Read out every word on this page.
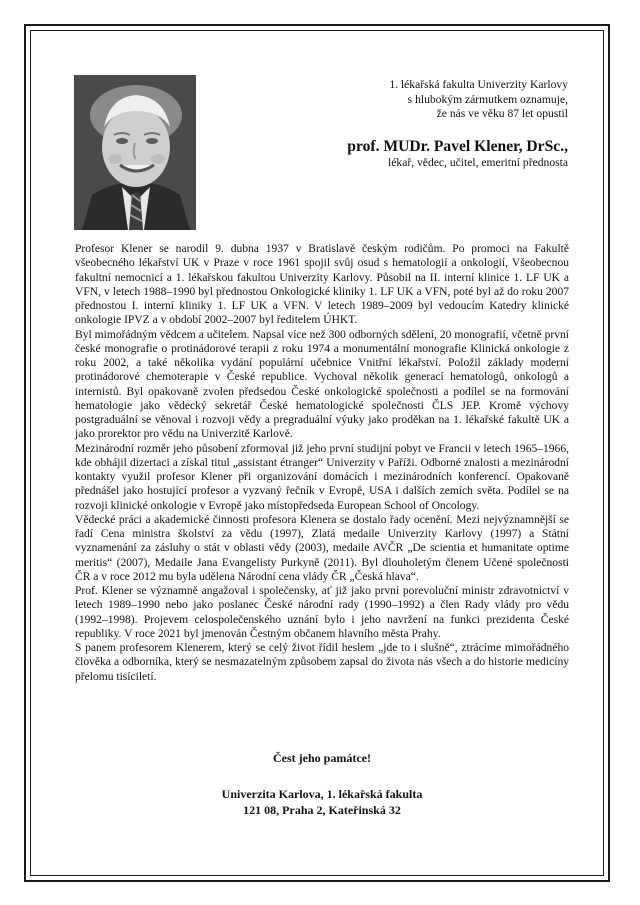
1. lékařská fakulta Univerzity Karlovy
s hlubokým zármutkem oznamuje,
že nás ve věku 87 let opustil
prof. MUDr. Pavel Klener, DrSc.,
lékař, vědec, učitel, emeritní přednosta

Profesor Klener se narodil 9. dubna 1937 v Bratislavě českým rodičům. Po promoci na Fakultě všeobecného lékařství UK v Praze v roce 1961 spojil svůj osud s hematologií a onkologií, Všeobecnou fakultní nemocnicí a 1. lékařskou fakultou Univerzity Karlovy. Působil na II. interní klinice 1. LF UK a VFN, v letech 1988–1990 byl přednostou Onkologické kliniky 1. LF UK a VFN, poté byl až do roku 2007 přednostou I. interní kliniky 1. LF UK a VFN. V letech 1989–2009 byl vedoucím Katedry klinické onkologie IPVZ a v období 2002–2007 byl ředitelem ÚHKT.

Byl mimořádným vědcem a učitelem. Napsal více než 300 odborných sdělení, 20 monografií, včetně první české monografie o protinádorové terapii z roku 1974 a monumentální monografie Klinická onkologie z roku 2002, a také několika vydání populární učebnice Vnitřní lékařství. Položil základy moderní protinádorové chemoterapie v České republice. Vychoval několik generací hematologů, onkologů a internistů. Byl opakovaně zvolen předsedou České onkologické společnosti a podílel se na formování hematologie jako vědecký sekretář České hematologické společnosti ČLS JEP. Kromě výchovy postgraduální se věnoval i rozvoji vědy a pregraduální výuky jako proděkan na 1. lékařské fakultě UK a jako prorektor pro vědu na Univerzitě Karlově.

Mezinárodní rozměr jeho působení zformoval již jeho první studijní pobyt ve Francii v letech 1965–1966, kde obhájil dizertaci a získal titul „assistant étranger“ Univerzity v Paříži. Odborné znalosti a mezinárodní kontakty využil profesor Klener při organizování domácích i mezinárodních konferencí. Opakovaně přednášel jako hostující profesor a vyzvaný řečník v Evropě, USA i dalších zemích světa. Podílel se na rozvoji klinické onkologie v Evropě jako místopředseda European School of Oncology.

Vědecké práci a akademické činnosti profesora Klenera se dostalo řady ocenění. Mezi nejvýznamnější se řadí Cena ministra školství za vědu (1997), Zlatá medaile Univerzity Karlovy (1997) a Státní vyznamenání za zásluhy o stát v oblasti vědy (2003), medaile AVČR „De scientia et humanitate optime meritis“ (2007), Medaile Jana Evangelisty Purkyně (2011). Byl dlouholetým členem Učené společnosti ČR a v roce 2012 mu byla udělena Národní cena vlády ČR „Česká hlava“.

Prof. Klener se významně angažoval i společensky, ať již jako první porevoluční ministr zdravotnictví v letech 1989–1990 nebo jako poslanec České národní rady (1990–1992) a člen Rady vlády pro vědu (1992–1998). Projevem celospolečenského uznání bylo i jeho navržení na funkci prezidenta České republiky. V roce 2021 byl jmenován Čestným občanem hlavního města Prahy.

S panem profesorem Klenerem, který se celý život řídil heslem „jde to i slušně“, ztrácíme mimořádného člověka a odborníka, který se nesmazatelným způsobem zapsal do života nás všech a do historie medicíny přelomu tisíciletí.

Čest jeho památce!
Univerzita Karlova, 1. lékařská fakulta
121 08, Praha 2, Kateřinská 32
